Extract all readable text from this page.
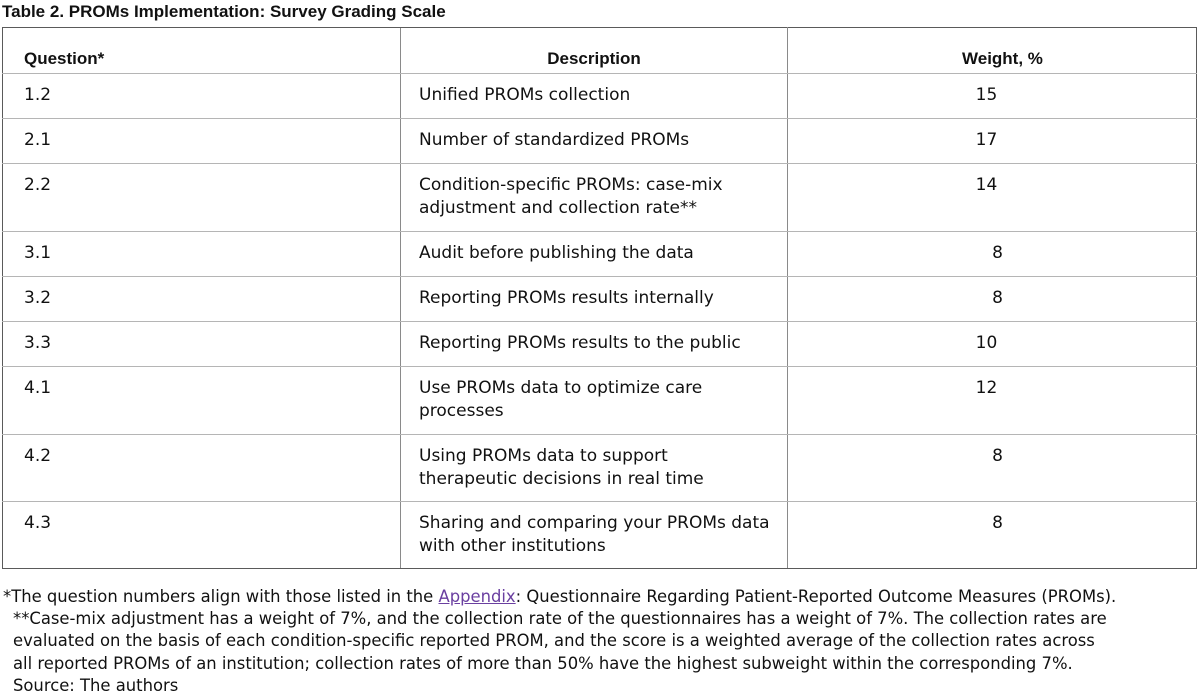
Table 2. PROMs Implementation: Survey Grading Scale
Question*	Description	Weight, %
1.2	Unified PROMs collection	15
2.1	Number of standardized PROMs	17
2.2	Condition-specific PROMs: case-mix
adjustment and collection rate**	14
3.1	Audit before publishing the data	8
3.2	Reporting PROMs results internally	8
3.3	Reporting PROMs results to the public	10
4.1	Use PROMs data to optimize care
processes	12
4.2	Using PROMs data to support
therapeutic decisions in real time	8
4.3	Sharing and comparing your PROMs data
with other institutions	8
*The question numbers align with those listed in the Appendix: Questionnaire Regarding Patient-Reported Outcome Measures (PROMs).
**Case-mix adjustment has a weight of 7%, and the collection rate of the questionnaires has a weight of 7%. The collection rates are
evaluated on the basis of each condition-specific reported PROM, and the score is a weighted average of the collection rates across
all reported PROMs of an institution; collection rates of more than 50% have the highest subweight within the corresponding 7%.
Source: The authors
